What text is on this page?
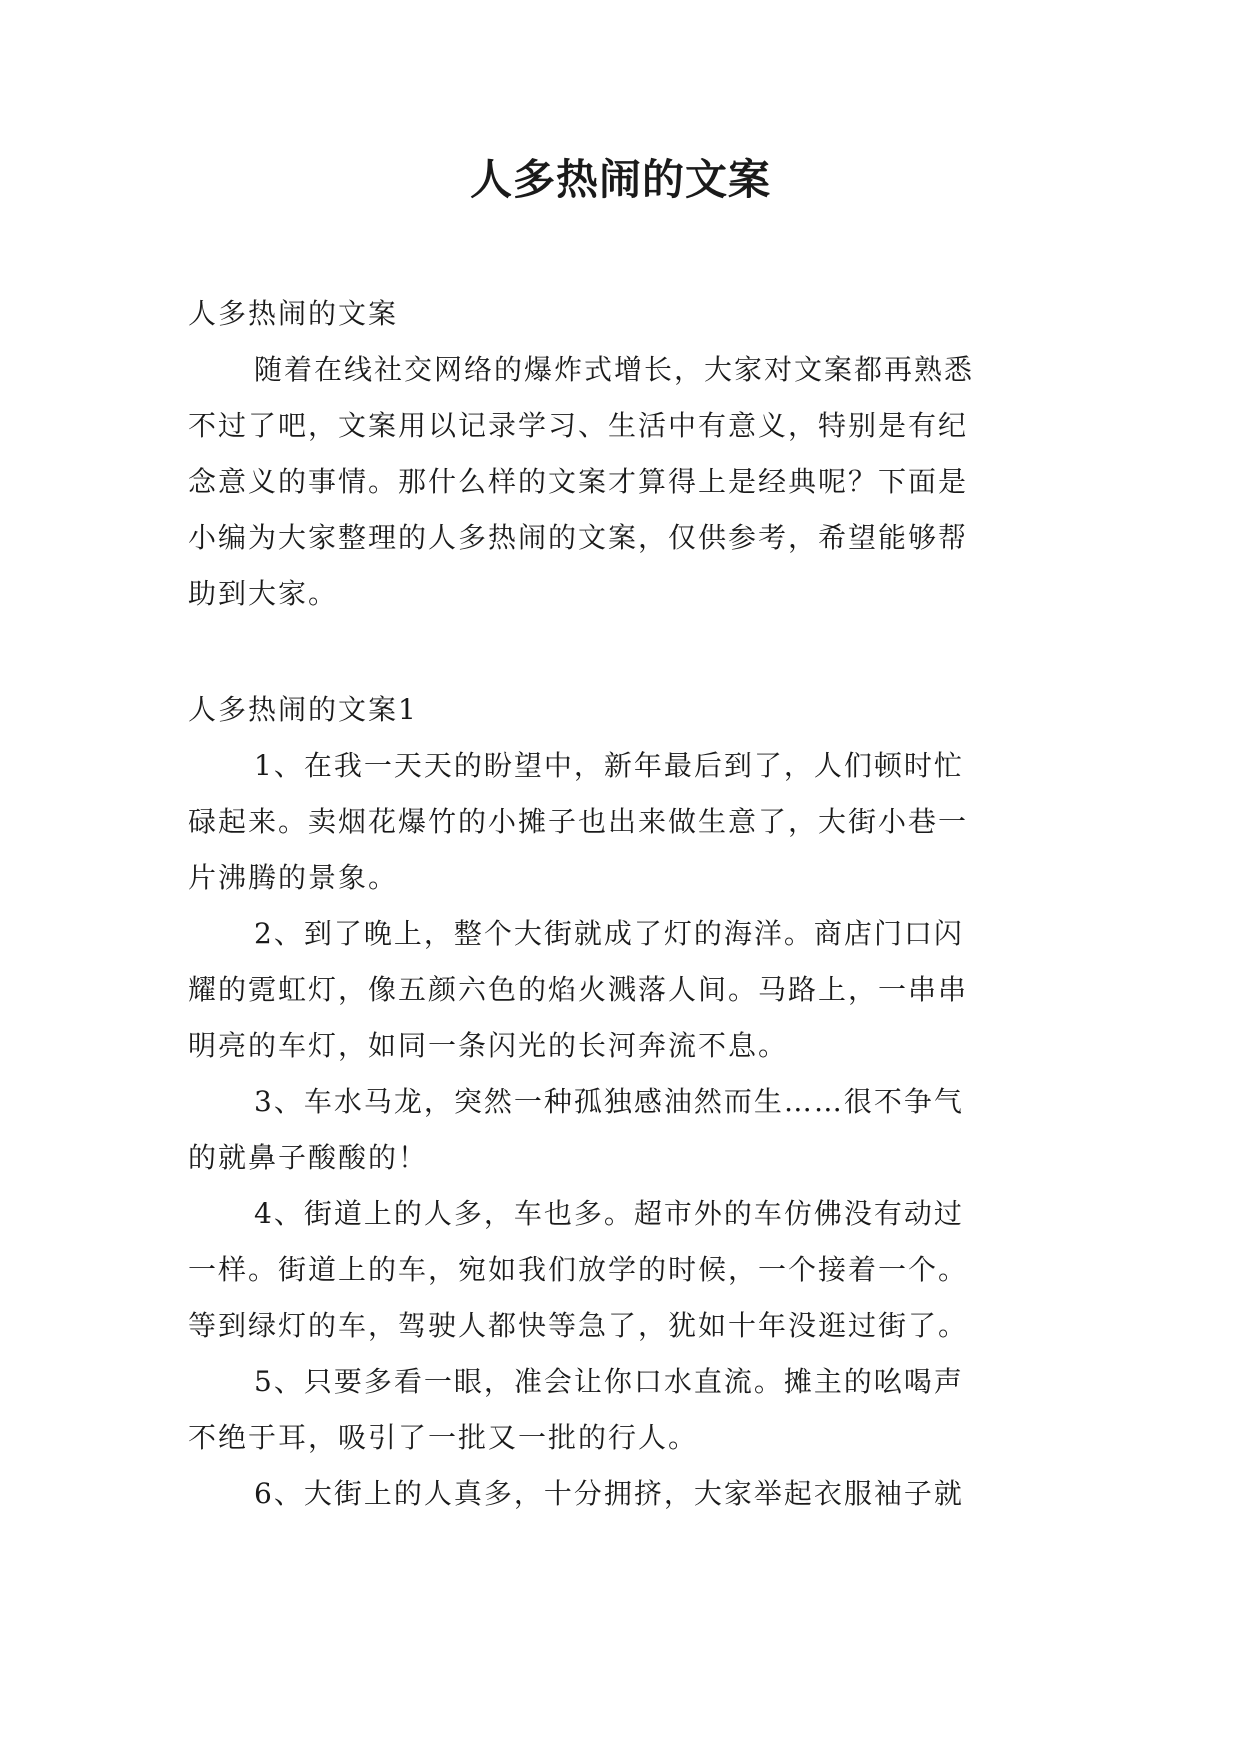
人多热闹的文案
人多热闹的文案
随着在线社交网络的爆炸式增长，大家对文案都再熟悉
不过了吧，文案用以记录学习、生活中有意义，特别是有纪
念意义的事情。那什么样的文案才算得上是经典呢？下面是
小编为大家整理的人多热闹的文案，仅供参考，希望能够帮
助到大家。
人多热闹的文案1
1、在我一天天的盼望中，新年最后到了，人们顿时忙
碌起来。卖烟花爆竹的小摊子也出来做生意了，大街小巷一
片沸腾的景象。
2、到了晚上，整个大街就成了灯的海洋。商店门口闪
耀的霓虹灯，像五颜六色的焰火溅落人间。马路上，一串串
明亮的车灯，如同一条闪光的长河奔流不息。
3、车水马龙，突然一种孤独感油然而生……很不争气
的就鼻子酸酸的！
4、街道上的人多，车也多。超市外的车仿佛没有动过
一样。街道上的车，宛如我们放学的时候，一个接着一个。
等到绿灯的车，驾驶人都快等急了，犹如十年没逛过街了。
5、只要多看一眼，准会让你口水直流。摊主的吆喝声
不绝于耳，吸引了一批又一批的行人。
6、大街上的人真多，十分拥挤，大家举起衣服袖子就
